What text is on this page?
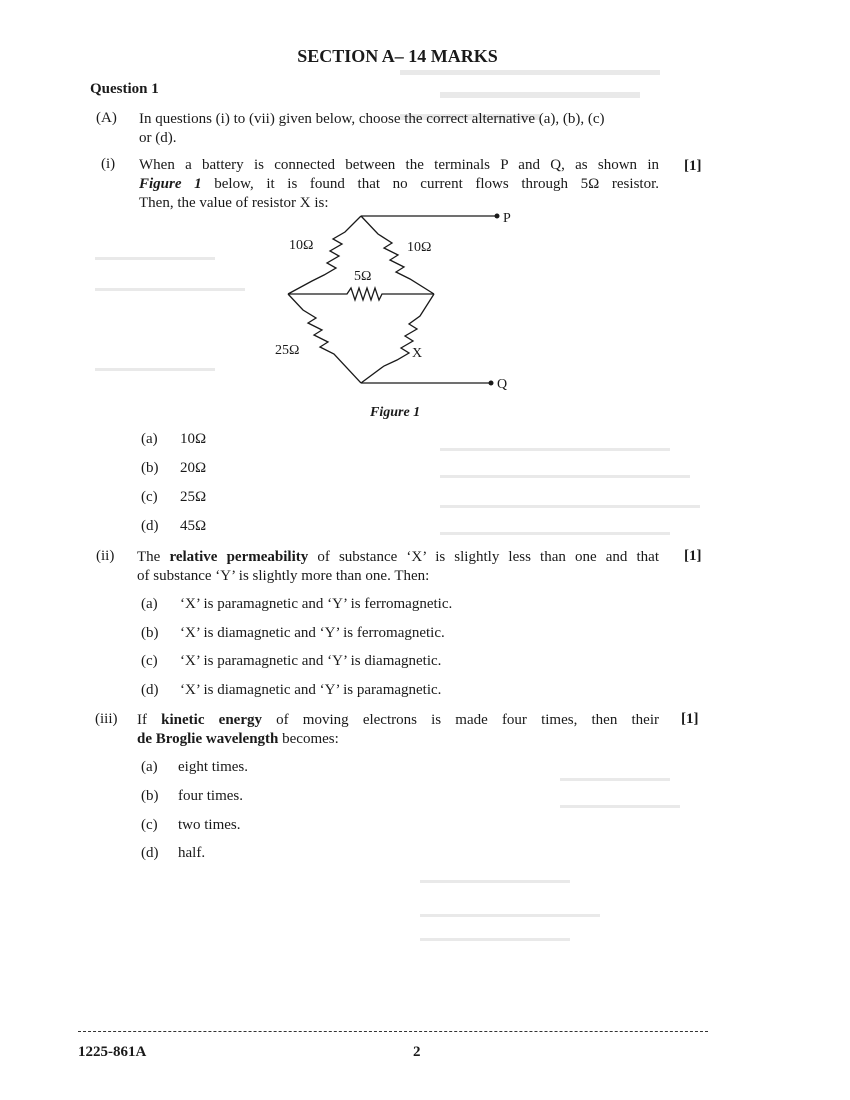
SECTION A– 14 MARKS
Question 1
(A) In questions (i) to (vii) given below, choose the correct alternative (a), (b), (c)
or (d).
(i) When a battery is connected between the terminals P and Q, as shown in
Figure 1 below, it is found that no current flows through 5Ω resistor.
Then, the value of resistor X is:
[1]
10Ω	10Ω
5Ω
25Ω	X
P
Q
Figure 1
(a) 10Ω
(b) 20Ω
(c) 25Ω
(d) 45Ω
(ii) The relative permeability of substance ‘X’ is slightly less than one and that
of substance ‘Y’ is slightly more than one. Then:
[1]
(a) ‘X’ is paramagnetic and ‘Y’ is ferromagnetic.
(b) ‘X’ is diamagnetic and ‘Y’ is ferromagnetic.
(c) ‘X’ is paramagnetic and ‘Y’ is diamagnetic.
(d) ‘X’ is diamagnetic and ‘Y’ is paramagnetic.
(iii) If kinetic energy of moving electrons is made four times, then their
de Broglie wavelength becomes:
[1]
(a) eight times.
(b) four times.
(c) two times.
(d) half.
1225-861A	2
